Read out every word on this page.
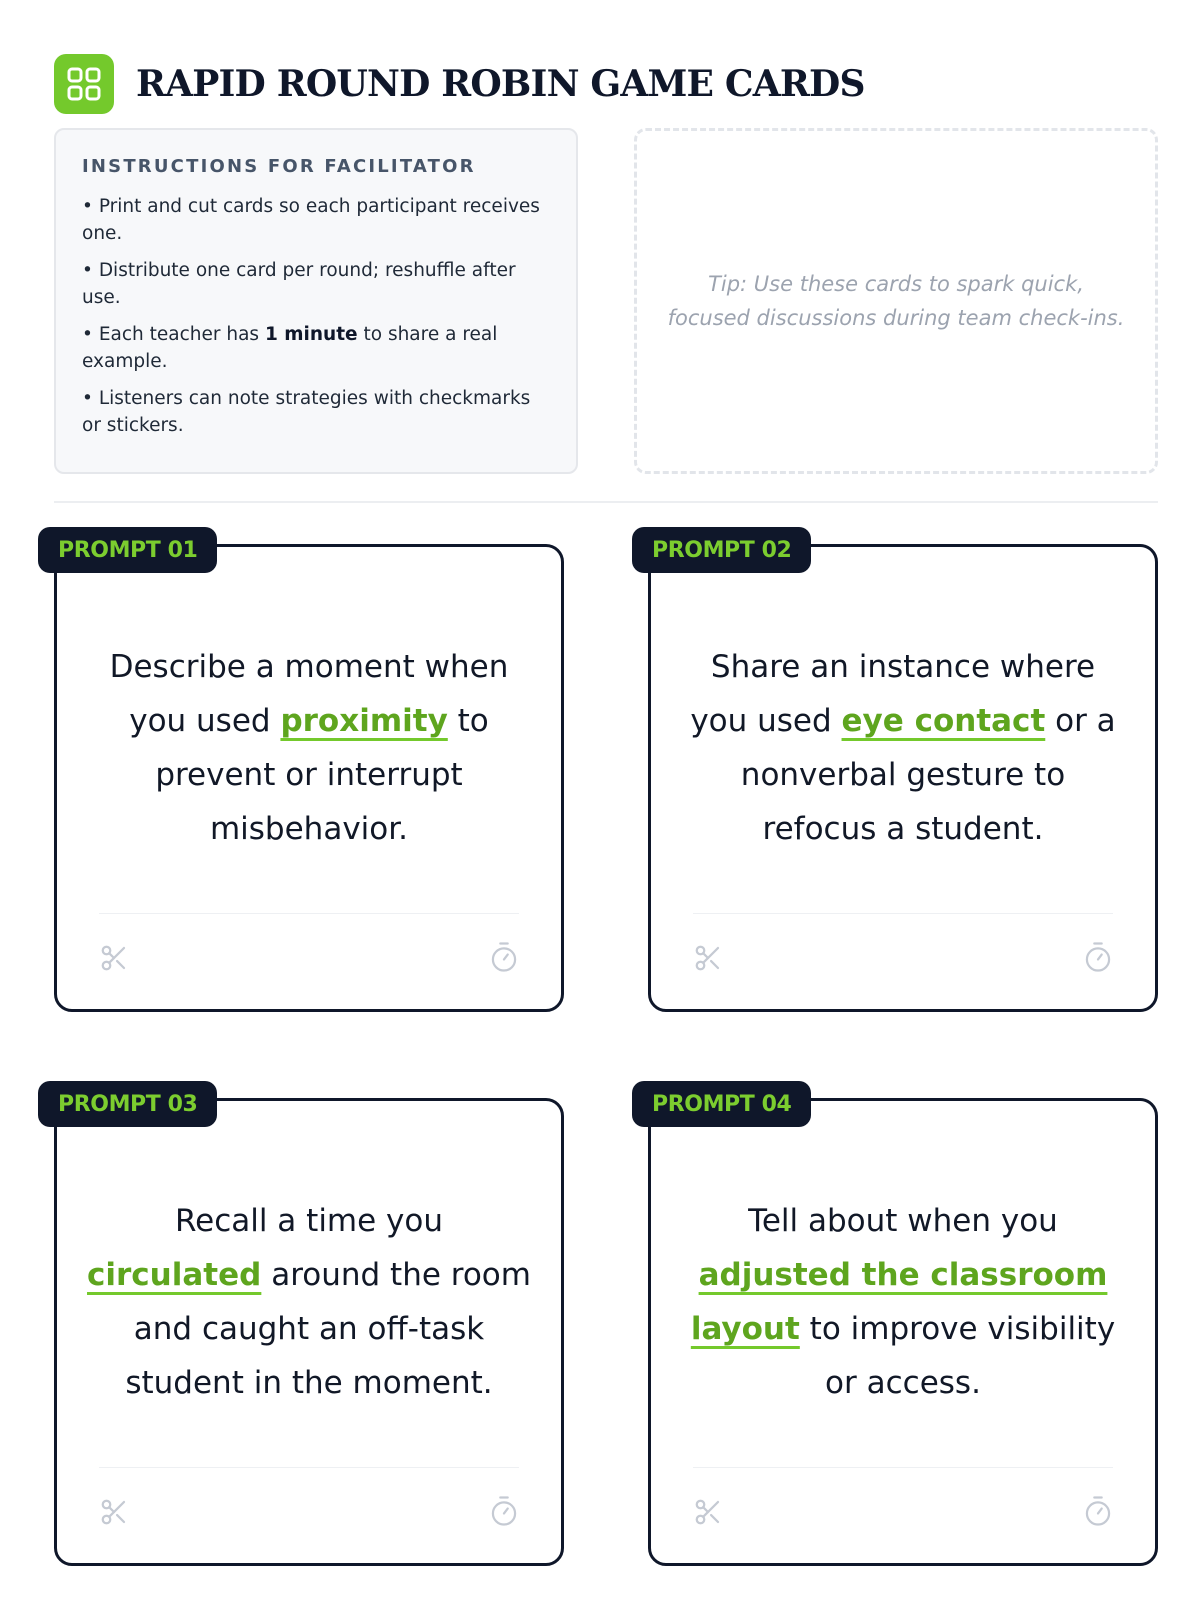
RAPID ROUND ROBIN GAME CARDS
INSTRUCTIONS FOR FACILITATOR
• Print and cut cards so each participant receives one.
• Distribute one card per round; reshuffle after use.
• Each teacher has 1 minute to share a real example.
• Listeners can note strategies with checkmarks or stickers.
Tip: Use these cards to spark quick, focused discussions during team check-ins.
PROMPT 01
Describe a moment when you used proximity to prevent or interrupt misbehavior.
PROMPT 02
Share an instance where you used eye contact or a nonverbal gesture to refocus a student.
PROMPT 03
Recall a time you circulated around the room and caught an off-task student in the moment.
PROMPT 04
Tell about when you adjusted the classroom layout to improve visibility or access.
